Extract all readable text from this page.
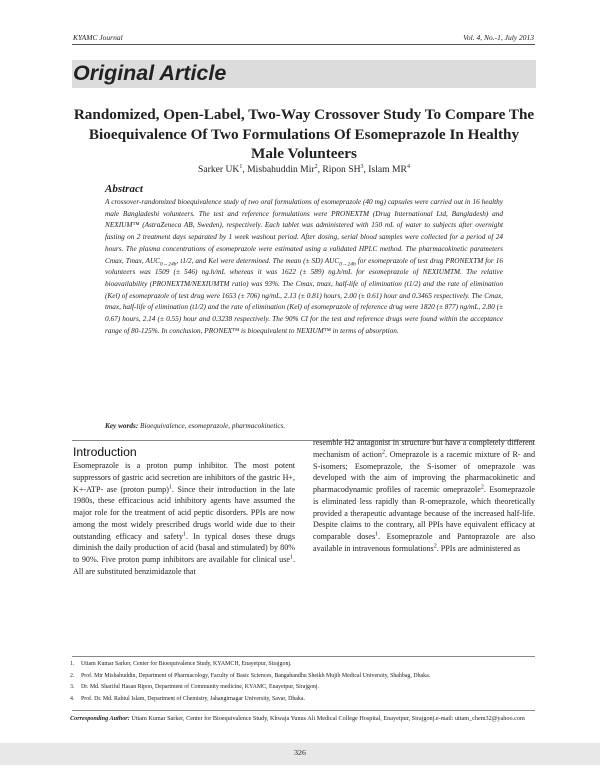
KYAMC Journal	Vol. 4, No.-1, July 2013
Original Article
Randomized, Open-Label, Two-Way Crossover Study To Compare The Bioequivalence Of Two Formulations Of Esomeprazole In Healthy Male Volunteers
Sarker $UK^1$, Misbahuddin Mir$^2$, Ripon $SH^3$, Islam $MR^4$
Abstract
A crossover-randomized bioequivalence study of two oral formulations of esomeprazole (40 mg) capsules were carried out in 16 healthy male Bangladeshi volunteers. The test and reference formulations were PRONEXTM (Drug International Ltd, Bangladesh) and NEXIUM™ (AstraZeneca AB, Sweden), respectively. Each tablet was administered with 150 mL of water to subjects after overnight fasting on 2 treatment days separated by 1 week washout period. After dosing, serial blood samples were collected for a period of 24 hours. The plasma concentrations of esomeprazole were estimated using a validated HPLC method. The pharmacokinetic parameters Cmax, Tmax, $AUC_{0\to 24h}$, t1/2, and Kel were determined. The mean (± SD) $AUC_{0\to 24h}$ for esomeprazole of test drug PRONEXTM for 16 volunteers was 1509 (± 546) ng.h/mL whereas it was 1622 (± 589) ng.h/mL for esomeprazole of NEXIUMTM. The relative bioavailability (PRONEXTM/NEXIUMTM ratio) was 93%. The Cmax, tmax, half-life of elimination (t1/2) and the rate of elimination (Kel) of esomeprazole of test drug were 1653 (± 706) ng/mL, 2.13 (± 0.81) hours, 2.00 (± 0.61) hour and 0.3465 respectively. The Cmax, tmax, half-life of elimination (t1/2) and the rate of elimination (Kel) of esomeprazole of reference drug were 1820 (± 877) ng/mL, 2.80 (± 0.67) hours, 2.14 (± 0.55) hour and 0.3238 respectively. The 90% CI for the test and reference drugs were found within the acceptance range of 80-125%. In conclusion, PRONEX™ is bioequivalent to NEXIUM™ in terms of absorption.
Key words: Bioequivalence, esomeprazole, pharmacokinetics.
Introduction
Esomeprazole is a proton pump inhibitor. The most potent suppressors of gastric acid secretion are inhibitors of the gastric H+, K+-ATP- ase (proton pump)$^1$. Since their introduction in the late 1980s, these efficacious acid inhibitory agents have assumed the major role for the treatment of acid peptic disorders. PPIs are now among the most widely prescribed drugs world wide due to their outstanding efficacy and safety$^1$. In typical doses these drugs diminish the daily production of acid (basal and stimulated) by 80% to 90%. Five proton pump inhibitors are available for clinical use$^1$. All are substituted benzimidazole that
resemble H2 antagonist in structure but have a completely different mechanism of action$^2$. Omeprazole is a racemic mixture of R- and S-isomers; Esomeprazole, the S-isomer of omeprazole was developed with the aim of improving the pharmacokinetic and pharmacodynamic profiles of racemic omeprazole$^2$. Esomeprazole is eliminated less rapidly than R-omeprazole, which theoretically provided a therapeutic advantage because of the increased half-life. Despite claims to the contrary, all PPIs have equivalent efficacy at comparable doses$^1$. Esomeprazole and Pantoprazole are also available in intravenous formulations$^2$. PPIs are administered as
1.	Uttam Kumar Sarker, Center for Bioequivalence Study, KYAMCH, Enayetpur, Sirajgonj.
2.	Prof. Mir Misbahuddin, Department of Pharmacology, Faculty of Basic Sciences, Bangabandhu Sheikh Mujib Medical University, Shahbag, Dhaka.
3.	Dr. Md. Shariful Hasan Ripon, Department of Community medicine, KYAMC, Enayetpur, Sirajgonj.
4.	Prof. Dr. Md. Rabiul Islam, Department of Chemistry, Jahangirnagar University, Savar, Dhaka.
Corresponding Author: Uttam Kumar Sarker, Center for Bioequivalence Study, Khwaja Yunus Ali Medical College Hospital, Enayetpur, Sirajgonj.e-mail: uttam_chem32@yahoo.com
326
